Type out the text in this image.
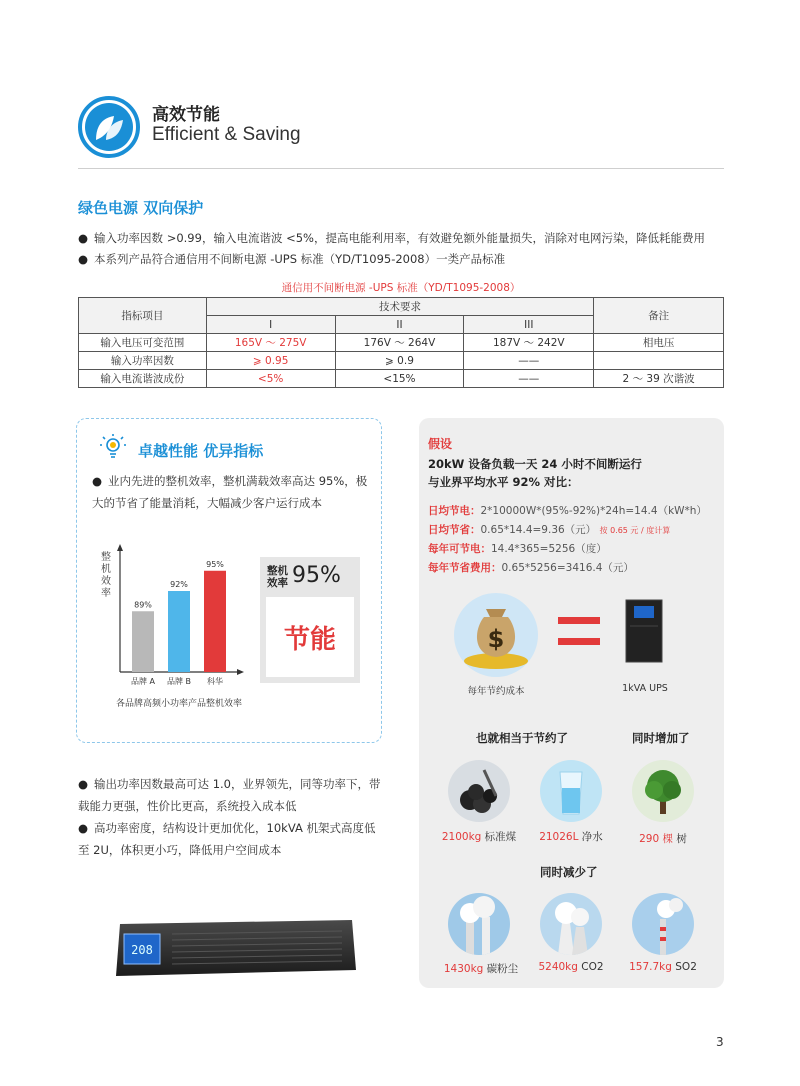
高效节能
Efficient & Saving
绿色电源 双向保护
● 输入功率因数 >0.99，输入电流谐波 <5%，提高电能利用率，有效避免额外能量损失，消除对电网污染，降低耗能费用
● 本系列产品符合通信用不间断电源 -UPS 标准（YD/T1095-2008）一类产品标准
通信用不间断电源 -UPS 标准（YD/T1095-2008）
指标项目	技术要求			备注
	I	II	III	
输入电压可变范围	165V ～ 275V	176V ～ 264V	187V ～ 242V	相电压
输入功率因数	⩾ 0.95	⩾ 0.9	——	
输入电流谐波成份	<5%	<15%	——	2 ～ 39 次谐波
卓越性能 优异指标
● 业内先进的整机效率，整机满载效率高达 95%，极大的节省了能量消耗，大幅减少客户运行成本
整
机
效
率
89%
品牌 A
92%
品牌 B
95%
科华
各品牌高频小功率产品整机效率
整机效率 95%
节能
● 输出功率因数最高可达 1.0，业界领先，同等功率下，带载能力更强，性价比更高，系统投入成本低
● 高功率密度，结构设计更加优化，10kVA 机架式高度低至 2U，体积更小巧，降低用户空间成本
208
假设
20kW 设备负载一天 24 小时不间断运行
与业界平均水平 92% 对比：
日均节电：2*10000W*(95%-92%)*24h=14.4（kW*h）
日均节省：0.65*14.4=9.36（元） 按 0.65 元 / 度计算
每年可节电：14.4*365=5256（度）
每年节省费用：0.65*5256=3416.4（元）
$
每年节约成本	1kVA UPS
也就相当于节约了	同时增加了
2100kg 标准煤	21026L 净水	290 棵 树
同时减少了
1430kg 碳粉尘	5240kg CO2	157.7kg SO2
3
